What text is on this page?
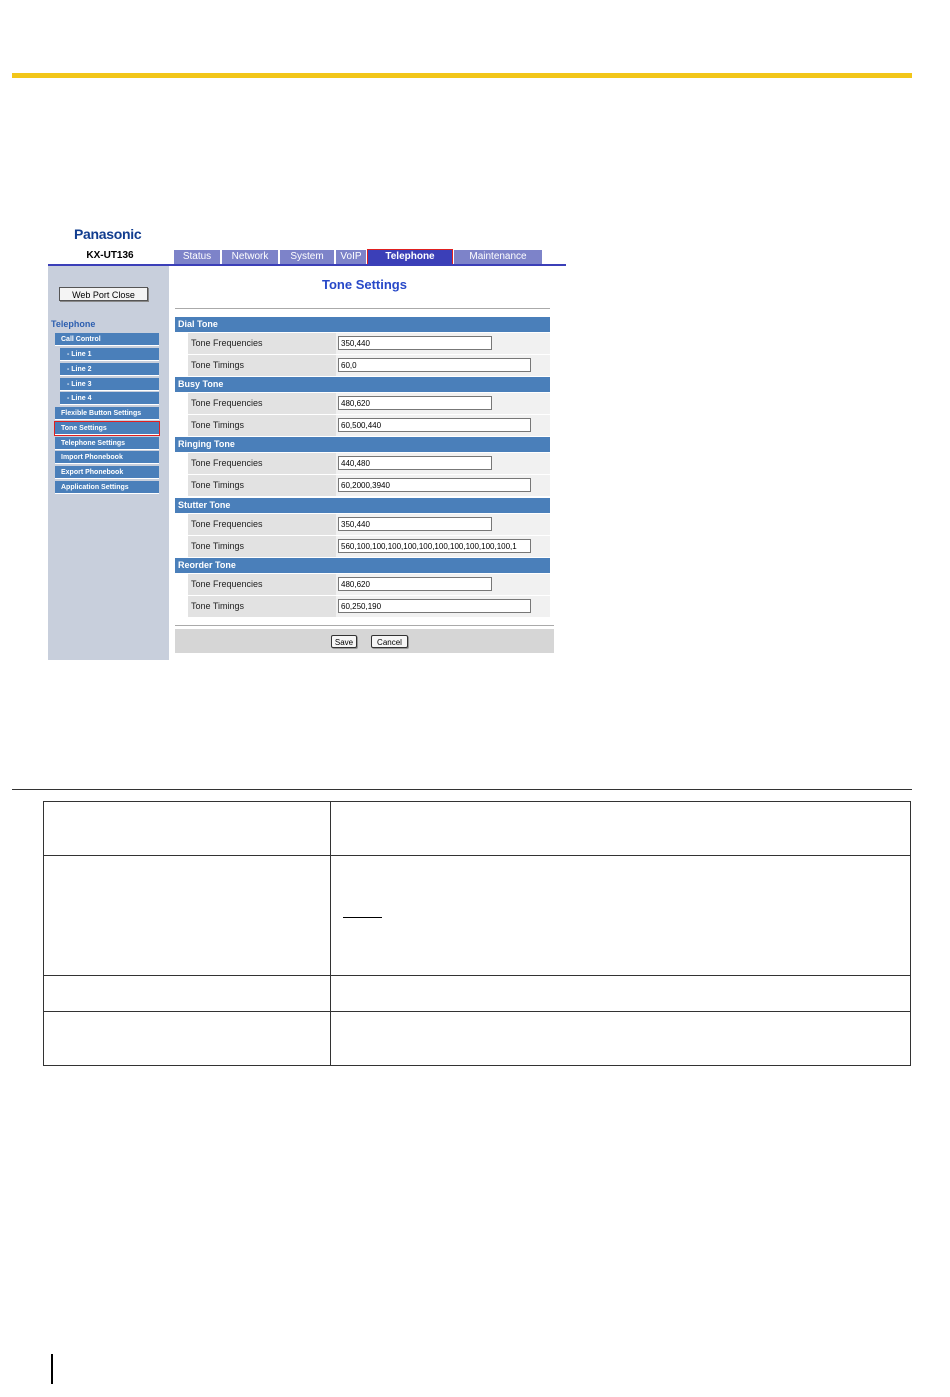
Panasonic
KX-UT136	Status	Network	System	VoIP	Telephone	Maintenance
Web Port Close
Telephone
Call Control
- Line 1
- Line 2
- Line 3
- Line 4
Flexible Button Settings
Tone Settings
Telephone Settings
Import Phonebook
Export Phonebook
Application Settings
Tone Settings
Dial Tone
Tone Frequencies
350,440
Tone Timings
60,0
Busy Tone
Tone Frequencies
480,620
Tone Timings
60,500,440
Ringing Tone
Tone Frequencies
440,480
Tone Timings
60,2000,3940
Stutter Tone
Tone Frequencies
350,440
Tone Timings
560,100,100,100,100,100,100,100,100,100,100,1
Reorder Tone
Tone Frequencies
480,620
Tone Timings
60,250,190
Save	Cancel
